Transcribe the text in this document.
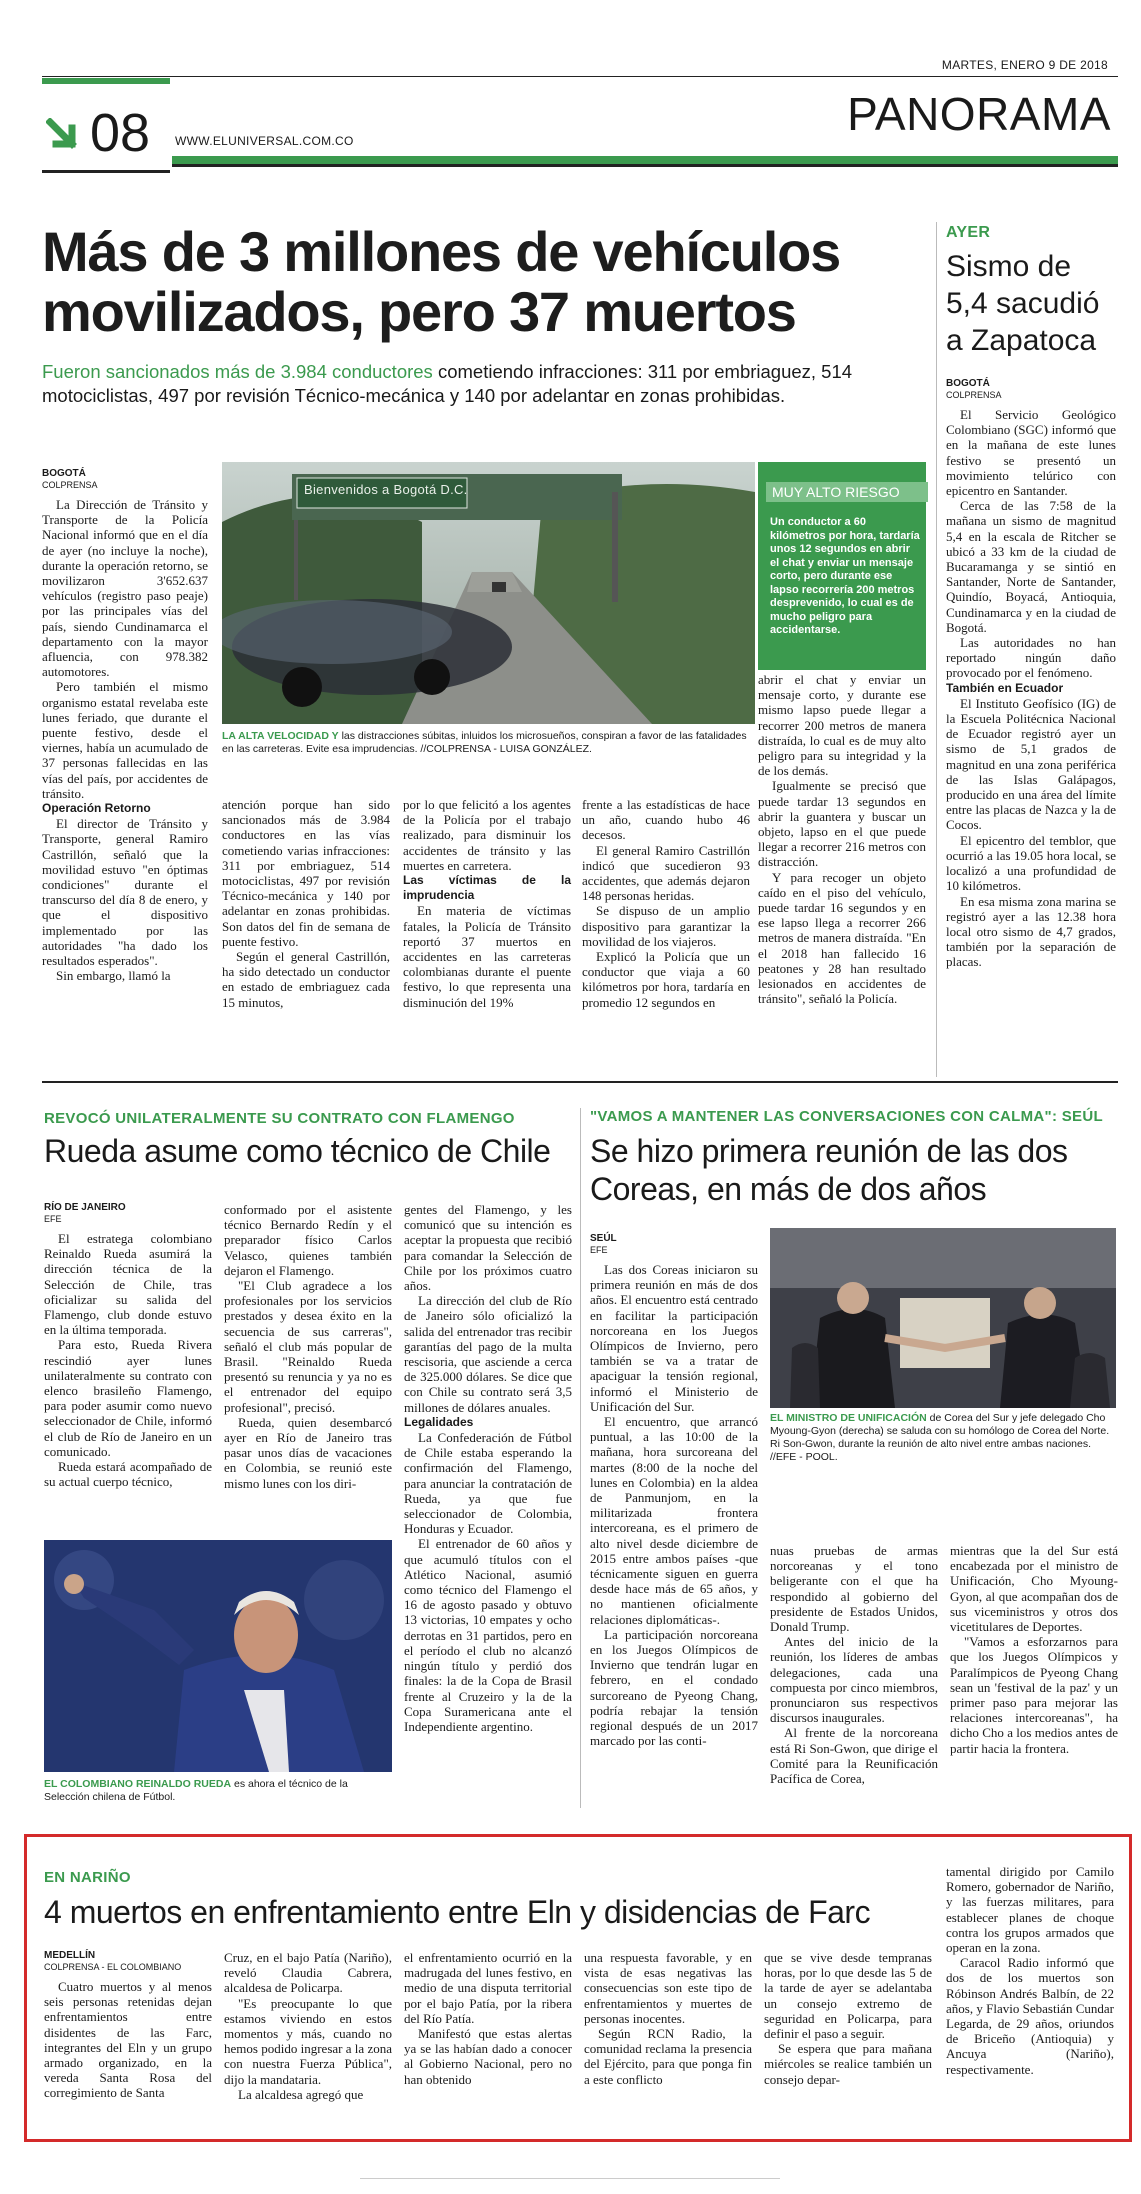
MARTES, ENERO 9 DE 2018
08 WWW.ELUNIVERSAL.COM.CO
PANORAMA
Más de 3 millones de vehículos movilizados, pero 37 muertos
Fueron sancionados más de 3.984 conductores cometiendo infracciones: 311 por embriaguez, 514 motociclistas, 497 por revisión Técnico-mecánica y 140 por adelantar en zonas prohibidas.
BOGOTÁ
COLPRENSA

La Dirección de Tránsito y Transporte de la Policía Nacional informó que en el día de ayer (no incluye la noche), durante la operación retorno, se movilizaron 3'652.637 vehículos (registro paso peaje) por las principales vías del país, siendo Cundinamarca el departamento con la mayor afluencia, con 978.382 automotores.

Pero también el mismo organismo estatal revelaba este lunes feriado, que durante el puente festivo, desde el viernes, había un acumulado de 37 personas fallecidas en las vías del país, por accidentes de tránsito.

Operación Retorno

El director de Tránsito y Transporte, general Ramiro Castrillón, señaló que la movilidad estuvo "en óptimas condiciones" durante el transcurso del día 8 de enero, y que el dispositivo implementado por las autoridades "ha dado los resultados esperados".

Sin embargo, llamó la

Bienvenidos a Bogotá D.C.
LA ALTA VELOCIDAD Y las distracciones súbitas, inluidos los microsueños, conspiran a favor de las fatalidades en las carreteras. Evite esa imprudencias. //COLPRENSA - LUISA GONZÁLEZ.
MUY ALTO RIESGO
Un conductor a 60 kilómetros por hora, tardaría unos 12 segundos en abrir el chat y enviar un mensaje corto, pero durante ese lapso recorrería 200 metros desprevenido, lo cual es de mucho peligro para accidentarse.

abrir el chat y enviar un mensaje corto, y durante ese mismo lapso puede llegar a recorrer 200 metros de manera distraída, lo cual es de muy alto peligro para su integridad y la de los demás.

Igualmente se precisó que puede tardar 13 segundos en abrir la guantera y buscar un objeto, lapso en el que puede llegar a recorrer 216 metros con distracción.

Y para recoger un objeto caído en el piso del vehículo, puede tardar 16 segundos y en ese lapso llega a recorrer 266 metros de manera distraída. "En el 2018 han fallecido 16 peatones y 28 han resultado lesionados en accidentes de tránsito", señaló la Policía.

atención porque han sido sancionados más de 3.984 conductores en las vías cometiendo varias infracciones: 311 por embriaguez, 514 motociclistas, 497 por revisión Técnico-mecánica y 140 por adelantar en zonas prohibidas. Son datos del fin de semana de puente festivo.

Según el general Castrillón, ha sido detectado un conductor en estado de embriaguez cada 15 minutos,

por lo que felicitó a los agentes de la Policía por el trabajo realizado, para disminuir los accidentes de tránsito y las muertes en carretera.

Las víctimas de la imprudencia

En materia de víctimas fatales, la Policía de Tránsito reportó 37 muertos en accidentes en las carreteras colombianas durante el puente festivo, lo que representa una disminución del 19%

frente a las estadísticas de hace un año, cuando hubo 46 decesos.

El general Ramiro Castrillón indicó que sucedieron 93 accidentes, que además dejaron 148 personas heridas.

Se dispuso de un amplio dispositivo para garantizar la movilidad de los viajeros.

Explicó la Policía que un conductor que viaja a 60 kilómetros por hora, tardaría en promedio 12 segundos en

AYER
Sismo de 5,4 sacudió a Zapatoca
BOGOTÁ
COLPRENSA

El Servicio Geológico Colombiano (SGC) informó que en la mañana de este lunes festivo se presentó un movimiento telúrico con epicentro en Santander.

Cerca de las 7:58 de la mañana un sismo de magnitud 5,4 en la escala de Ritcher se ubicó a 33 km de la ciudad de Bucaramanga y se sintió en Santander, Norte de Santander, Quindío, Boyacá, Antioquia, Cundinamarca y en la ciudad de Bogotá.

Las autoridades no han reportado ningún daño provocado por el fenómeno.

También en Ecuador

El Instituto Geofísico (IG) de la Escuela Politécnica Nacional de Ecuador registró ayer un sismo de 5,1 grados de magnitud en una zona periférica de las Islas Galápagos, producido en una área del límite entre las placas de Nazca y la de Cocos.

El epicentro del temblor, que ocurrió a las 19.05 hora local, se localizó a una profundidad de 10 kilómetros.

En esa misma zona marina se registró ayer a las 12.38 hora local otro sismo de 4,7 grados, también por la separación de placas.

REVOCÓ UNILATERALMENTE SU CONTRATO CON FLAMENGO
Rueda asume como técnico de Chile
RÍO DE JANEIRO
EFE

El estratega colombiano Reinaldo Rueda asumirá la dirección técnica de la Selección de Chile, tras oficializar su salida del Flamengo, club donde estuvo en la última temporada.

Para esto, Rueda Rivera rescindió ayer lunes unilateralmente su contrato con elenco brasileño Flamengo, para poder asumir como nuevo seleccionador de Chile, informó el club de Río de Janeiro en un comunicado.

Rueda estará acompañado de su actual cuerpo técnico,

conformado por el asistente técnico Bernardo Redín y el preparador físico Carlos Velasco, quienes también dejaron el Flamengo.

"El Club agradece a los profesionales por los servicios prestados y desea éxito en la secuencia de sus carreras", señaló el club más popular de Brasil. "Reinaldo Rueda presentó su renuncia y ya no es el entrenador del equipo profesional", precisó.

Rueda, quien desembarcó ayer en Río de Janeiro tras pasar unos días de vacaciones en Colombia, se reunió este mismo lunes con los diri-

gentes del Flamengo, y les comunicó que su intención es aceptar la propuesta que recibió para comandar la Selección de Chile por los próximos cuatro años.

La dirección del club de Río de Janeiro sólo oficializó la salida del entrenador tras recibir garantías del pago de la multa rescisoria, que asciende a cerca de 325.000 dólares. Se dice que con Chile su contrato será 3,5 millones de dólares anuales.

Legalidades

La Confederación de Fútbol de Chile estaba esperando la confirmación del Flamengo, para anunciar la contratación de Rueda, ya que fue seleccionador de Colombia, Honduras y Ecuador.

El entrenador de 60 años y que acumuló títulos con el Atlético Nacional, asumió como técnico del Flamengo el 16 de agosto pasado y obtuvo 13 victorias, 10 empates y ocho derrotas en 31 partidos, pero en el período el club no alcanzó ningún título y perdió dos finales: la de la Copa de Brasil frente al Cruzeiro y la de la Copa Suramericana ante el Independiente argentino.

EL COLOMBIANO REINALDO RUEDA es ahora el técnico de la Selección chilena de Fútbol.
"VAMOS A MANTENER LAS CONVERSACIONES CON CALMA": SEÚL
Se hizo primera reunión de las dos Coreas, en más de dos años
SEÚL
EFE

Las dos Coreas iniciaron su primera reunión en más de dos años. El encuentro está centrado en facilitar la participación norcoreana en los Juegos Olímpicos de Invierno, pero también se va a tratar de apaciguar la tensión regional, informó el Ministerio de Unificación del Sur.

El encuentro, que arrancó puntual, a las 10:00 de la mañana, hora surcoreana del martes (8:00 de la noche del lunes en Colombia) en la aldea de Panmunjom, en la militarizada frontera intercoreana, es el primero de alto nivel desde diciembre de 2015 entre ambos países -que técnicamente siguen en guerra desde hace más de 65 años, y no mantienen oficialmente relaciones diplomáticas-.

La participación norcoreana en los Juegos Olímpicos de Invierno que tendrán lugar en febrero, en el condado surcoreano de Pyeong Chang, podría rebajar la tensión regional después de un 2017 marcado por las conti-

EL MINISTRO DE UNIFICACIÓN de Corea del Sur y jefe delegado Cho Myoung-Gyon (derecha) se saluda con su homólogo de Corea del Norte. Ri Son-Gwon, durante la reunión de alto nivel entre ambas naciones. //EFE - POOL.

nuas pruebas de armas norcoreanas y el tono beligerante con el que ha respondido al gobierno del presidente de Estados Unidos, Donald Trump.

Antes del inicio de la reunión, los líderes de ambas delegaciones, cada una compuesta por cinco miembros, pronunciaron sus respectivos discursos inaugurales.

Al frente de la norcoreana está Ri Son-Gwon, que dirige el Comité para la Reunificación Pacífica de Corea,

mientras que la del Sur está encabezada por el ministro de Unificación, Cho Myoung-Gyon, al que acompañan dos de sus viceministros y otros dos vicetitulares de Deportes.

"Vamos a esforzarnos para que los Juegos Olímpicos y Paralímpicos de Pyeong Chang sean un 'festival de la paz' y un primer paso para mejorar las relaciones intercoreanas", ha dicho Cho a los medios antes de partir hacia la frontera.

EN NARIÑO
4 muertos en enfrentamiento entre Eln y disidencias de Farc
MEDELLÍN
COLPRENSA - EL COLOMBIANO

Cuatro muertos y al menos seis personas retenidas dejan enfrentamientos entre disidentes de las Farc, integrantes del Eln y un grupo armado organizado, en la vereda Santa Rosa del corregimiento de Santa

Cruz, en el bajo Patía (Nariño), reveló Claudia Cabrera, alcaldesa de Policarpa.

"Es preocupante lo que estamos viviendo en estos momentos y más, cuando no hemos podido ingresar a la zona con nuestra Fuerza Pública", dijo la mandataria.

La alcaldesa agregó que

el enfrentamiento ocurrió en la madrugada del lunes festivo, en medio de una disputa territorial por el bajo Patía, por la ribera del Río Patía.

Manifestó que estas alertas ya se las habían dado a conocer al Gobierno Nacional, pero no han obtenido

una respuesta favorable, y en vista de esas negativas las consecuencias son este tipo de enfrentamientos y muertes de personas inocentes.

Según RCN Radio, la comunidad reclama la presencia del Ejército, para que ponga fin a este conflicto

que se vive desde tempranas horas, por lo que desde las 5 de la tarde de ayer se adelantaba un consejo extremo de seguridad en Policarpa, para definir el paso a seguir.

Se espera que para mañana miércoles se realice también un consejo depar-

tamental dirigido por Camilo Romero, gobernador de Nariño, y las fuerzas militares, para establecer planes de choque contra los grupos armados que operan en la zona.

Caracol Radio informó que dos de los muertos son Róbinson Andrés Balbín, de 22 años, y Flavio Sebastián Cundar Legarda, de 29 años, oriundos de Briceño (Antioquia) y Ancuya (Nariño), respectivamente.
